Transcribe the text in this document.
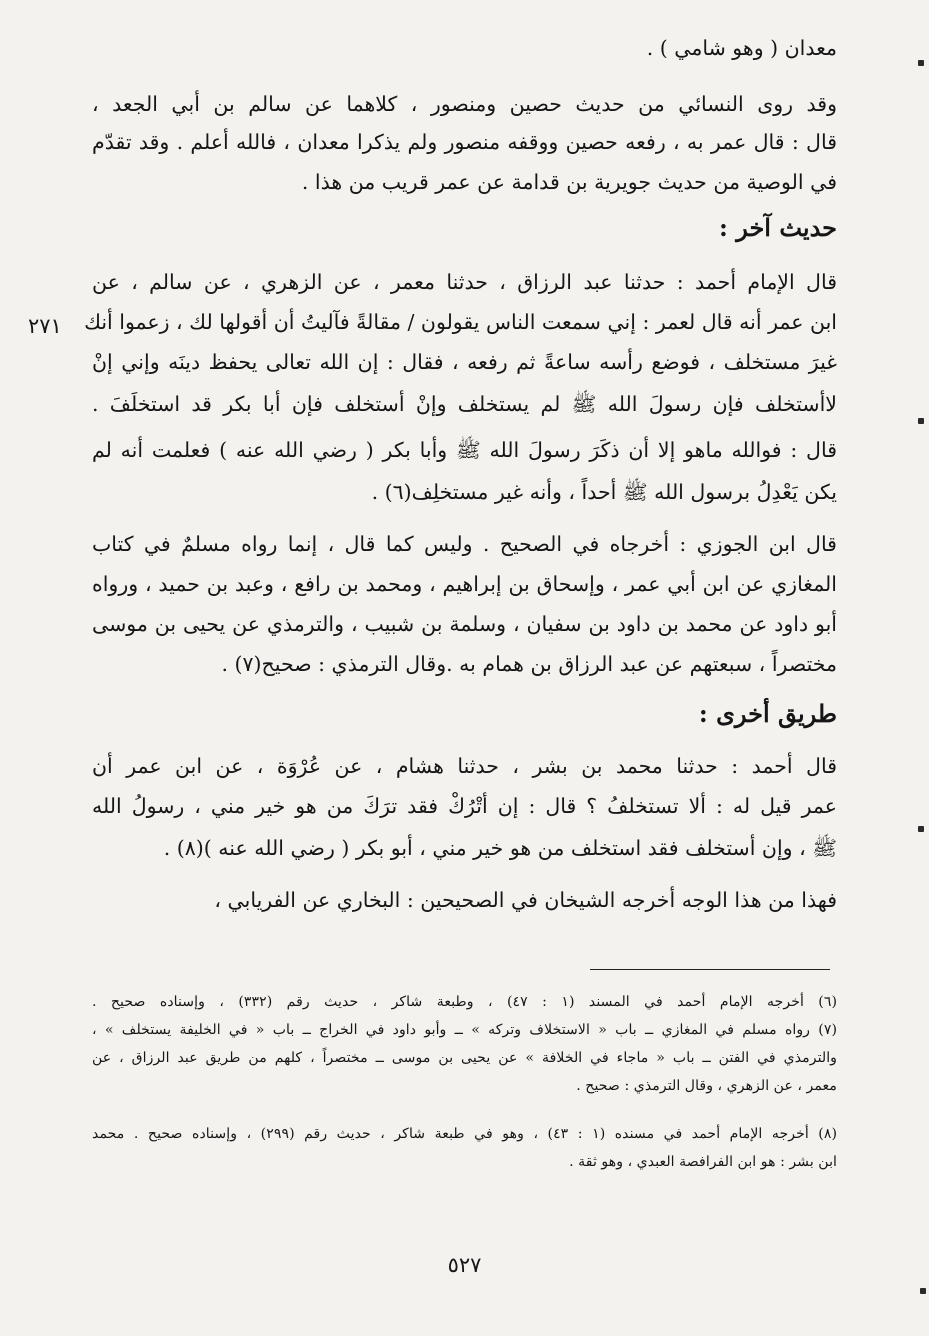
معدان ( وهو شامي ) .
وقد روى النسائي من حديث حصين ومنصور ، كلاهما عن سالم بن أبي الجعد ،
قال : قال عمر به ، رفعه حصين ووقفه منصور ولم يذكرا معدان ، فالله أعلم . وقد تقدّم
في الوصية من حديث جويرية بن قدامة عن عمر قريب من هذا .
حديث آخر :
قال الإمام أحمد : حدثنا عبد الرزاق ، حدثنا معمر ، عن الزهري ، عن سالم ، عن
٢٧١ ابن عمر أنه قال لعمر : إني سمعت الناس يقولون / مقالةً فآليتُ أن أقولها لك ، زعموا أنك
غيرَ مستخلف ، فوضع رأسه ساعةً ثم رفعه ، فقال : إن الله تعالى يحفظ دينَه وإني إنْ
لاأستخلف فإن رسولَ الله ﷺ لم يستخلف وإنْ أستخلف فإن أبا بكر قد استخلَفَ .
قال : فوالله ماهو إلا أن ذكَرَ رسولَ الله ﷺ وأبا بكر ( رضي الله عنه ) فعلمت أنه لم
يكن يَعْدِلُ برسول الله ﷺ أحداً ، وأنه غير مستخلِف(٦) .
قال ابن الجوزي : أخرجاه في الصحيح . وليس كما قال ، إنما رواه مسلمٌ في كتاب
المغازي عن ابن أبي عمر ، وإسحاق بن إبراهيم ، ومحمد بن رافع ، وعبد بن حميد ، ورواه
أبو داود عن محمد بن داود بن سفيان ، وسلمة بن شبيب ، والترمذي عن يحيى بن موسى
مختصراً ، سبعتهم عن عبد الرزاق بن همام به .وقال الترمذي : صحيح(٧) .
طريق أخرى :
قال أحمد : حدثنا محمد بن بشر ، حدثنا هشام ، عن عُرْوَة ، عن ابن عمر أن
عمر قيل له : ألا تستخلفُ ؟ قال : إن أتْرُكْ فقد ترَكَ من هو خير مني ، رسولُ الله
ﷺ ، وإن أستخلف فقد استخلف من هو خير مني ، أبو بكر ( رضي الله عنه )(٨) .
فهذا من هذا الوجه أخرجه الشيخان في الصحيحين : البخاري عن الفريابي ،
(٦) أخرجه الإمام أحمد في المسند (١ : ٤٧) ، وطبعة شاكر ، حديث رقم (٣٣٢) ، وإسناده صحيح .
(٧) رواه مسلم في المغازي ــ باب « الاستخلاف وتركه » ــ وأبو داود في الخراج ــ باب « في الخليفة يستخلف » ،
والترمذي في الفتن ــ باب « ماجاء في الخلافة » عن يحيى بن موسى ــ مختصراً ، كلهم من طريق عبد الرزاق ، عن
معمر ، عن الزهري ، وقال الترمذي : صحيح .
(٨) أخرجه الإمام أحمد في مسنده (١ : ٤٣) ، وهو في طبعة شاكر ، حديث رقم (٢٩٩) ، وإسناده صحيح . محمد
ابن بشر : هو ابن الفرافصة العبدي ، وهو ثقة .
٥٢٧
